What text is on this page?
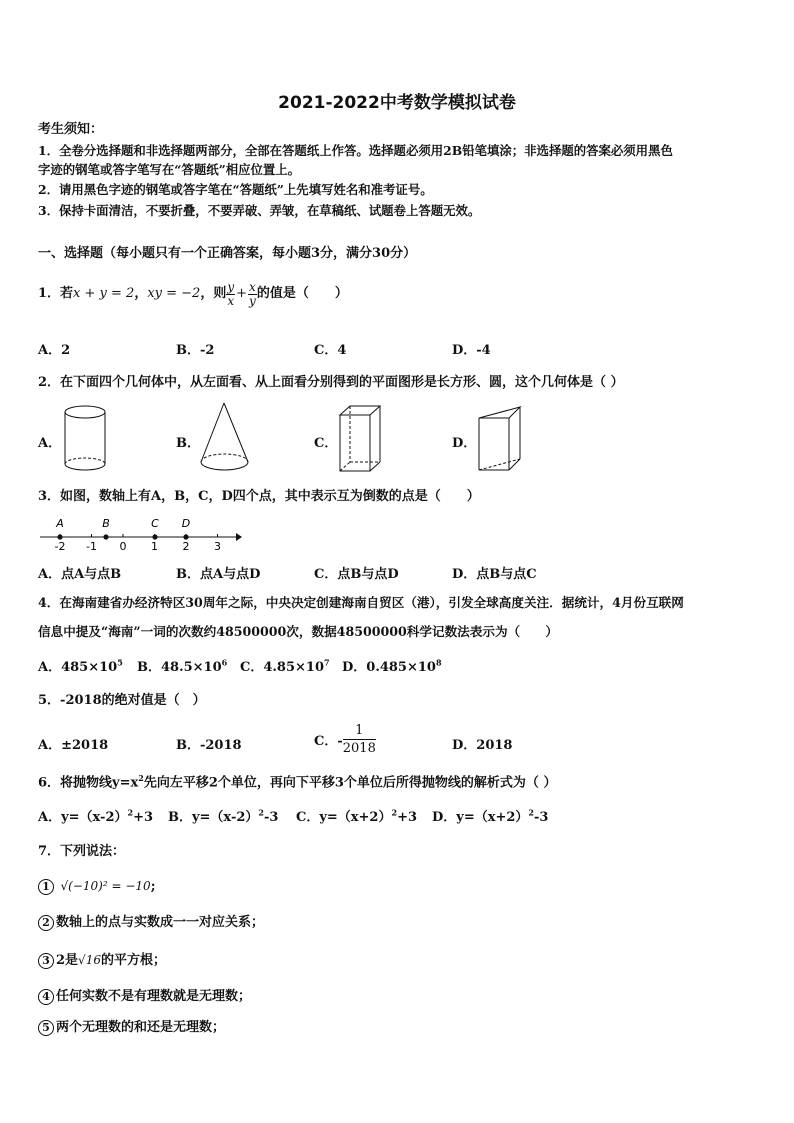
2021-2022中考数学模拟试卷
考生须知：
1．全卷分选择题和非选择题两部分，全部在答题纸上作答。选择题必须用2B铅笔填涂；非选择题的答案必须用黑色
字迹的钢笔或答字笔写在“答题纸”相应位置上。
2．请用黑色字迹的钢笔或答字笔在“答题纸”上先填写姓名和准考证号。
3．保持卡面清洁，不要折叠，不要弄破、弄皱，在草稿纸、试题卷上答题无效。
一、选择题（每小题只有一个正确答案，每小题3分，满分30分）
1．若 x + y = 2 ， xy = −2 ，则 $\frac{y}{x} + \frac{x}{y}$ 的值是（　　）
A．2	B．-2	C．4	D．-4
2．在下面四个几何体中，从左面看、从上面看分别得到的平面图形是长方形、圆，这个几何体是（ ）
A．	B．	C．	D．
3．如图，数轴上有A，B，C，D四个点，其中表示互为倒数的点是（　　）
-2 -1 0 1 2 3
A	B	C D
A．点A与点B	B．点A与点D	C．点B与点D	D．点B与点C
4．在海南建省办经济特区30周年之际，中央决定创建海南自贸区（港），引发全球高度关注．据统计，4月份互联网
信息中提及“海南”一词的次数约48500000次，数据48500000科学记数法表示为（　　）
A．$485\times 10^5$ B．$48.5\times 10^6$ C．$4.85\times 10^7$ D．$0.485\times 10^8$
5．-2018的绝对值是（　）
A．±2018	B．-2018	C．- $\frac{1}{2018}$	D．2018
6．将抛物线$y=x^2$先向左平移2个单位，再向下平移3个单位后所得抛物线的解析式为（ ）
A．$y=(x-2)^2+3$ B．$y=(x-2)^2-3$ C．$y=(x+2)^2+3$ D．$y=(x+2)^2-3$
7．下列说法：
1 √(−10)² = −10;
2 数轴上的点与实数成一一对应关系；
3 2是√16的平方根；
4 任何实数不是有理数就是无理数；
5 两个无理数的和还是无理数；
